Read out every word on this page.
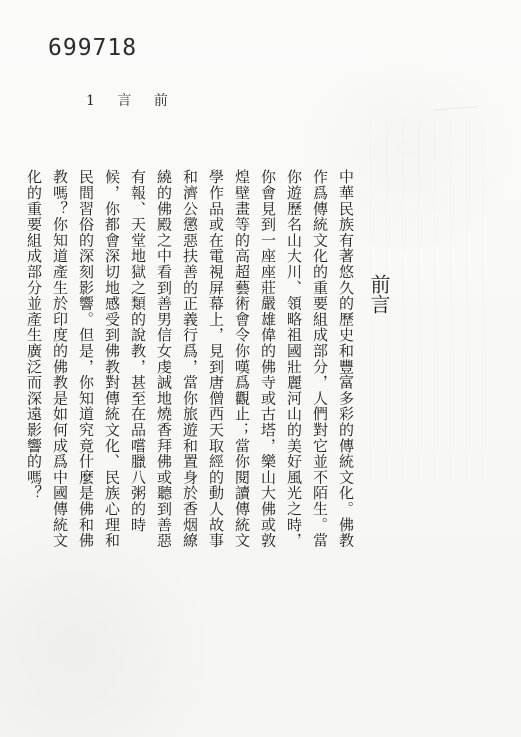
699718
1 言 前
前言
中華民族有著悠久的歷史和豐富多彩的傳統文化。佛教作爲傳統文化的重要組成部分，人們對它並不陌生。當你遊歷名山大川、領略祖國壯麗河山的美好風光之時，你會見到一座座莊嚴雄偉的佛寺或古塔，樂山大佛或敦煌壁畫等的高超藝術會令你嘆爲觀止；當你閱讀傳統文學作品或在電視屏幕上，見到唐僧西天取經的動人故事和濟公懲惡扶善的正義行爲，當你旅遊和置身於香烟繚繞的佛殿之中看到善男信女虔誠地燒香拜佛或聽到善惡有報、天堂地獄之類的說教，甚至在品嚐臘八粥的時候，你都會深切地感受到佛教對傳統文化、民族心理和民間習俗的深刻影響。但是，你知道究竟什麼是佛和佛教嗎？你知道產生於印度的佛教是如何成爲中國傳統文化的重要組成部分並產生廣泛而深遠影響的嗎？
